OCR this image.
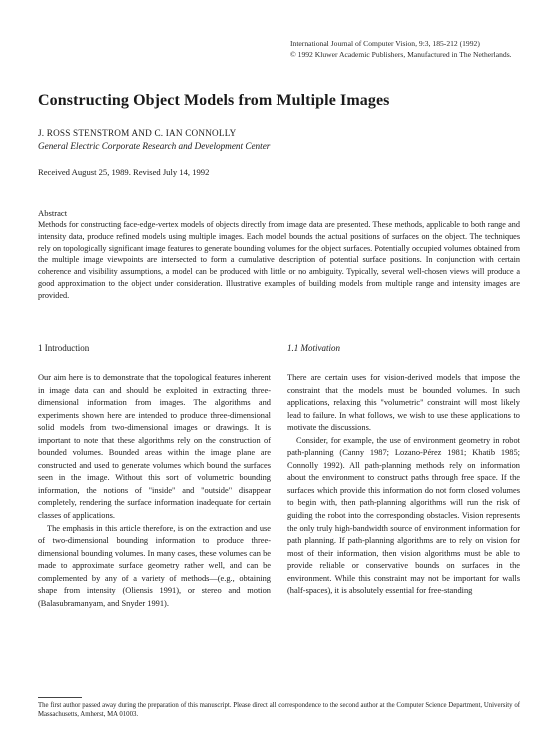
International Journal of Computer Vision, 9:3, 185-212 (1992)
© 1992 Kluwer Academic Publishers, Manufactured in The Netherlands.
Constructing Object Models from Multiple Images
J. ROSS STENSTROM AND C. IAN CONNOLLY
General Electric Corporate Research and Development Center
Received August 25, 1989. Revised July 14, 1992
Abstract

Methods for constructing face-edge-vertex models of objects directly from image data are presented. These methods, applicable to both range and intensity data, produce refined models using multiple images. Each model bounds the actual positions of surfaces on the object. The techniques rely on topologically significant image features to generate bounding volumes for the object surfaces. Potentially occupied volumes obtained from the multiple image viewpoints are intersected to form a cumulative description of potential surface positions. In conjunction with certain coherence and visibility assumptions, a model can be produced with little or no ambiguity. Typically, several well-chosen views will produce a good approximation to the object under consideration. Illustrative examples of building models from multiple range and intensity images are provided.

1 Introduction

Our aim here is to demonstrate that the topological features inherent in image data can and should be exploited in extracting three-dimensional information from images. The algorithms and experiments shown here are intended to produce three-dimensional solid models from two-dimensional images or drawings. It is important to note that these algorithms rely on the construction of bounded volumes. Bounded areas within the image plane are constructed and used to generate volumes which bound the surfaces seen in the image. Without this sort of volumetric bounding information, the notions of "inside" and "outside" disappear completely, rendering the surface information inadequate for certain classes of applications.

The emphasis in this article therefore, is on the extraction and use of two-dimensional bounding information to produce three-dimensional bounding volumes. In many cases, these volumes can be made to approximate surface geometry rather well, and can be complemented by any of a variety of methods—(e.g., obtaining shape from intensity (Oliensis 1991), or stereo and motion (Balasubramanyam, and Snyder 1991).

1.1 Motivation

There are certain uses for vision-derived models that impose the constraint that the models must be bounded volumes. In such applications, relaxing this "volumetric" constraint will most likely lead to failure. In what follows, we wish to use these applications to motivate the discussions.

Consider, for example, the use of environment geometry in robot path-planning (Canny 1987; Lozano-Pérez 1981; Khatib 1985; Connolly 1992). All path-planning methods rely on information about the environment to construct paths through free space. If the surfaces which provide this information do not form closed volumes to begin with, then path-planning algorithms will run the risk of guiding the robot into the corresponding obstacles. Vision represents the only truly high-bandwidth source of environment information for path planning. If path-planning algorithms are to rely on vision for most of their information, then vision algorithms must be able to provide reliable or conservative bounds on surfaces in the environment. While this constraint may not be important for walls (half-spaces), it is absolutely essential for free-standing

The first author passed away during the preparation of this manuscript. Please direct all correspondence to the second author at the Computer Science Department, University of Massachusetts, Amherst, MA 01003.
